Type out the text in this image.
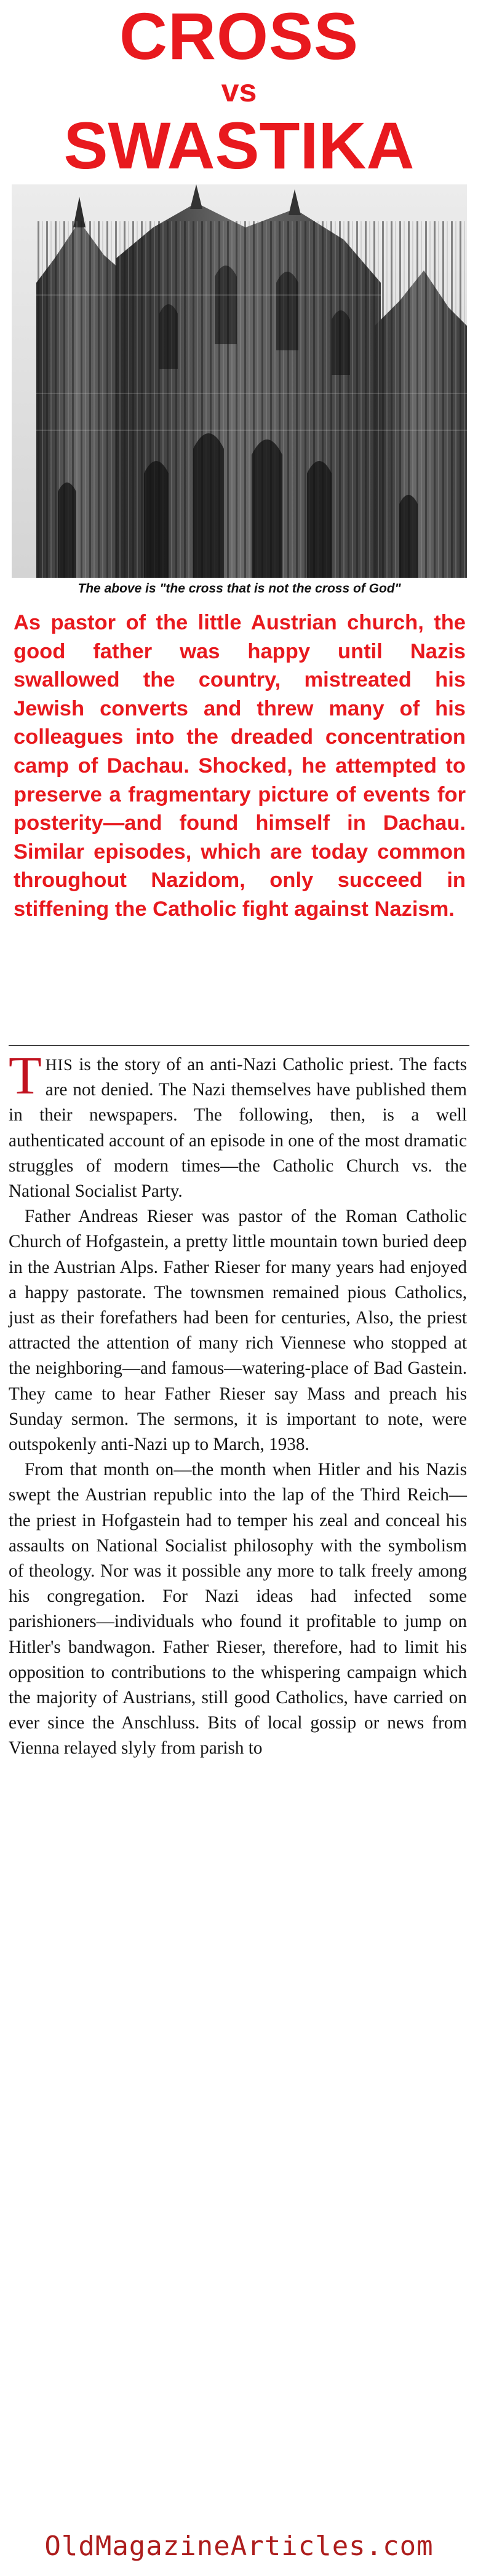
CROSS
vs
SWASTIKA
The above is "the cross that is not the cross of God"
As pastor of the little Austrian church, the good father was happy until Nazis swallowed the country, mistreated his Jewish converts and threw many of his colleagues into the dreaded concentration camp of Dachau. Shocked, he attempted to preserve a fragmentary picture of events for posterity—and found himself in Dachau. Similar episodes, which are today common throughout Nazidom, only succeed in stiffening the Catholic fight against Nazism.

THIS is the story of an anti-Nazi Catholic priest. The facts are not denied. The Nazi themselves have published them in their newspapers. The following, then, is a well authenticated account of an episode in one of the most dramatic struggles of modern times—the Catholic Church vs. the National Socialist Party.

Father Andreas Rieser was pastor of the Roman Catholic Church of Hofgastein, a pretty little mountain town buried deep in the Austrian Alps. Father Rieser for many years had enjoyed a happy pastorate. The townsmen remained pious Catholics, just as their forefathers had been for centuries, Also, the priest attracted the attention of many rich Viennese who stopped at the neighboring—and famous—watering-place of Bad Gastein. They came to hear Father Rieser say Mass and preach his Sunday sermon. The sermons, it is important to note, were outspokenly anti-Nazi up to March, 1938.

From that month on—the month when Hitler and his Nazis swept the Austrian republic into the lap of the Third Reich—the priest in Hofgastein had to temper his zeal and conceal his assaults on National Socialist philosophy with the symbolism of theology. Nor was it possible any more to talk freely among his congregation. For Nazi ideas had infected some parishioners—individuals who found it profitable to jump on Hitler's bandwagon. Father Rieser, therefore, had to limit his opposition to contributions to the whispering campaign which the majority of Austrians, still good Catholics, have carried on ever since the Anschluss. Bits of local gossip or news from Vienna relayed slyly from parish to

OldMagazineArticles.com
